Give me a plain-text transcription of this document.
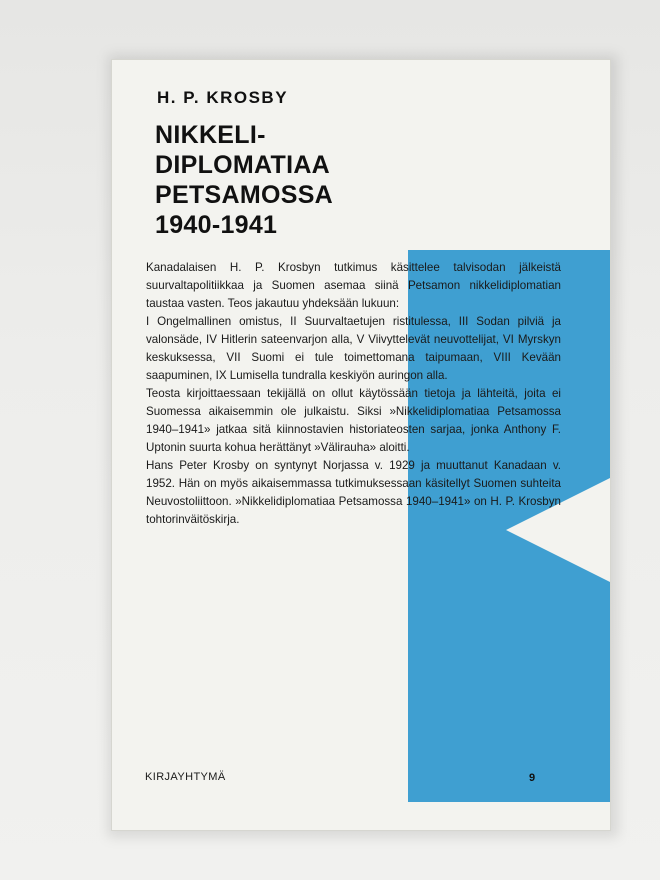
H. P. KROSBY
NIKKELI-
DIPLOMATIAA
PETSAMOSSA
1940-1941

Kanadalaisen H. P. Krosbyn tutkimus käsittelee talvisodan jälkeistä suurvaltapolitiikkaa ja Suomen asemaa siinä Petsamon nikkelidiplomatian taustaa vasten. Teos jakautuu yhdeksään lukuun:

I Ongelmallinen omistus, II Suurvaltaetujen ristitulessa, III Sodan pilviä ja valonsäde, IV Hitlerin sateenvarjon alla, V Viivyttelevät neuvottelijat, VI Myrskyn keskuksessa, VII Suomi ei tule toimettomana taipumaan, VIII Kevään saapuminen, IX Lumisella tundralla keskiyön auringon alla.

Teosta kirjoittaessaan tekijällä on ollut käytössään tietoja ja lähteitä, joita ei Suomessa aikaisemmin ole julkaistu. Siksi »Nikkelidiplomatiaa Petsamossa 1940–1941» jatkaa sitä kiinnostavien historiateosten sarjaa, jonka Anthony F. Uptonin suurta kohua herättänyt »Välirauha» aloitti.

Hans Peter Krosby on syntynyt Norjassa v. 1929 ja muuttanut Kanadaan v. 1952. Hän on myös aikaisemmassa tutkimuksessaan käsitellyt Suomen suhteita Neuvostoliittoon. »Nikkelidiplomatiaa Petsamossa 1940–1941» on H. P. Krosbyn tohtorinväitöskirja.

KIRJAYHTYMÄ	9
